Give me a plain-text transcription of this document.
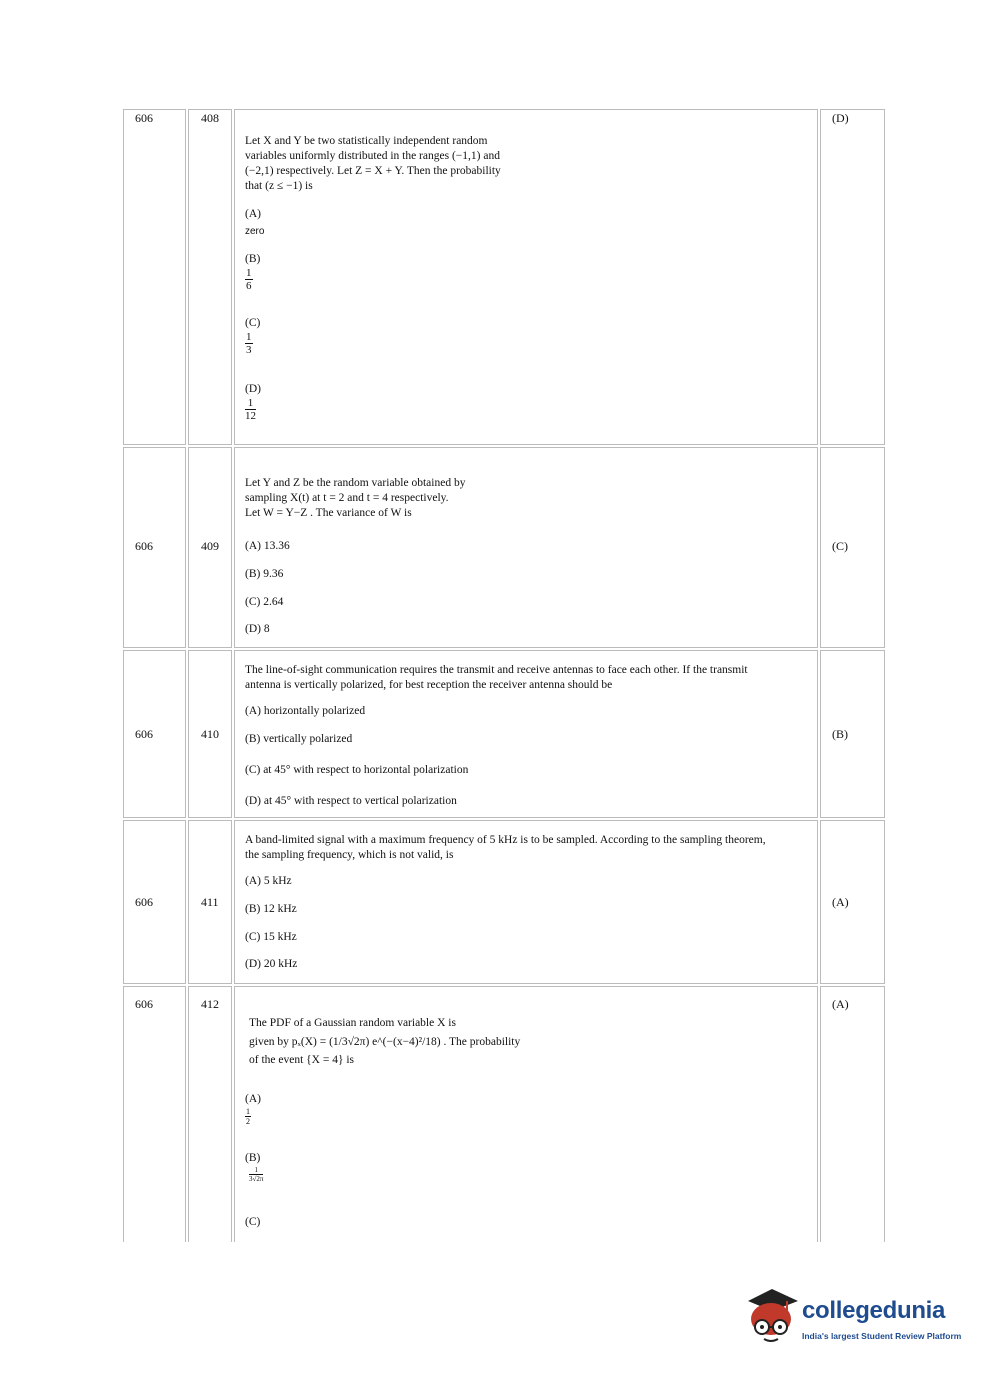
606	408	(D)
Let X and Y be two statistically independent random
variables uniformly distributed in the ranges (−1,1) and
(−2,1) respectively. Let Z = X + Y. Then the probability
that (z ≤ −1) is
(A)
zero
(B)
$\frac{1}{6}$
(C)
$\frac{1}{3}$
(D)
$\frac{1}{12}$
606	409	(C)
Let Y and Z be the random variable obtained by
sampling X(t) at t = 2 and t = 4 respectively.
Let W = Y−Z . The variance of W is
(A) 13.36
(B) 9.36
(C) 2.64
(D) 8
606	410	(B)
The line-of-sight communication requires the transmit and receive antennas to face each other. If the transmit
antenna is vertically polarized, for best reception the receiver antenna should be
(A) horizontally polarized
(B) vertically polarized
(C) at 45° with respect to horizontal polarization
(D) at 45° with respect to vertical polarization
606	411	(A)
A band-limited signal with a maximum frequency of 5 kHz is to be sampled. According to the sampling theorem,
the sampling frequency, which is not valid, is
(A) 5 kHz
(B) 12 kHz
(C) 15 kHz
(D) 20 kHz
606	412	(A)
The PDF of a Gaussian random variable X is
given by pₓ(X) = (1/3√2π) e^(−(x−4)²/18) . The probability
of the event {X = 4} is
(A)
$\frac{1}{2}$
(B)
$\frac{1}{3√2\pi}$
(C)
collegedunia
India's largest Student Review Platform
